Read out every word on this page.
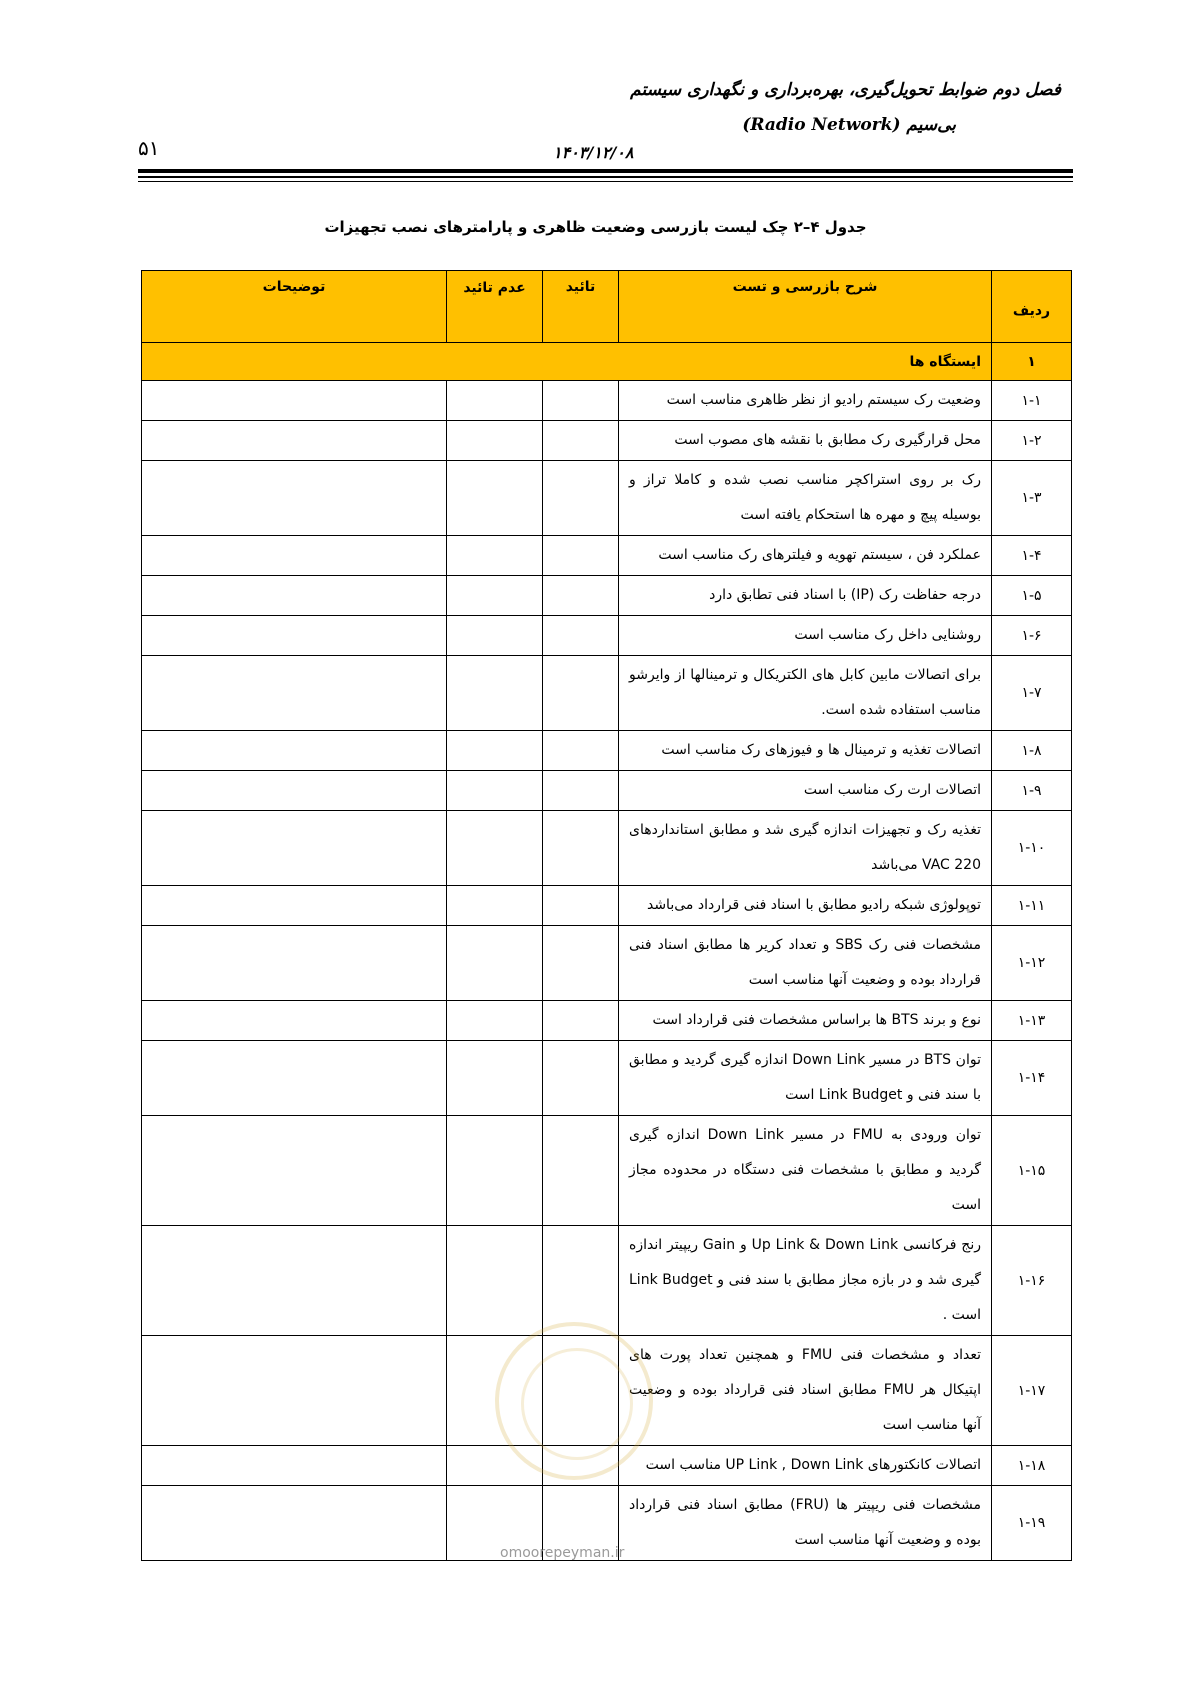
فصل دوم ضوابط تحویل‌گیری، بهره‌برداری و نگهداری سیستم
بی‌سیم (Radio Network)
۵۱	۱۴۰۳/۱۲/۰۸
جدول ۴–۲ چک لیست بازرسی وضعیت ظاهری و پارامترهای نصب تجهیزات
ردیف	شرح بازرسی و تست	تائید	عدم تائید	توضیحات
۱	ایستگاه ها			
۱-۱	وضعیت رک سیستم رادیو از نظر ظاهری مناسب است			
۱-۲	محل قرارگیری رک مطابق با نقشه های مصوب است			
۱-۳	رک بر روی استراکچر مناسب نصب شده و کاملا تراز و بوسیله پیچ و مهره ها استحکام یافته است			
۱-۴	عملکرد فن ، سیستم تهویه و فیلترهای رک مناسب است			
۱-۵	درجه حفاظت رک (IP) با اسناد فنی تطابق دارد			
۱-۶	روشنایی داخل رک مناسب است			
۱-۷	برای اتصالات مابین کابل های الکتریکال و ترمینالها از وایرشو مناسب استفاده شده است.			
۱-۸	اتصالات تغذیه و ترمینال ها و فیوزهای رک مناسب است			
۱-۹	اتصالات ارت رک مناسب است			
۱-۱۰	تغذیه رک و تجهیزات اندازه گیری شد و مطابق استانداردهای 220 VAC می‌باشد			
۱-۱۱	توپولوژی شبکه رادیو مطابق با اسناد فنی قرارداد می‌باشد			
۱-۱۲	مشخصات فنی رک SBS و تعداد کریر ها مطابق اسناد فنی قرارداد بوده و وضعیت آنها مناسب است			
۱-۱۳	نوع و برند BTS ها براساس مشخصات فنی قرارداد است			
۱-۱۴	توان BTS در مسیر Down Link اندازه گیری گردید و مطابق با سند فنی و Link Budget است			
۱-۱۵	توان ورودی به FMU در مسیر Down Link اندازه گیری گردید و مطابق با مشخصات فنی دستگاه در محدوده مجاز است			
۱-۱۶	رنج فرکانسی Up Link & Down Link و Gain ریپیتر اندازه گیری شد و در بازه مجاز مطابق با سند فنی و Link Budget است .			
۱-۱۷	تعداد و مشخصات فنی FMU و همچنین تعداد پورت های اپتیکال هر FMU مطابق اسناد فنی قرارداد بوده و وضعیت آنها مناسب است			
۱-۱۸	اتصالات کانکتورهای UP Link , Down Link مناسب است			
۱-۱۹	مشخصات فنی ریپیتر ها (FRU) مطابق اسناد فنی قرارداد بوده و وضعیت آنها مناسب است			
omoorepeyman.ir
